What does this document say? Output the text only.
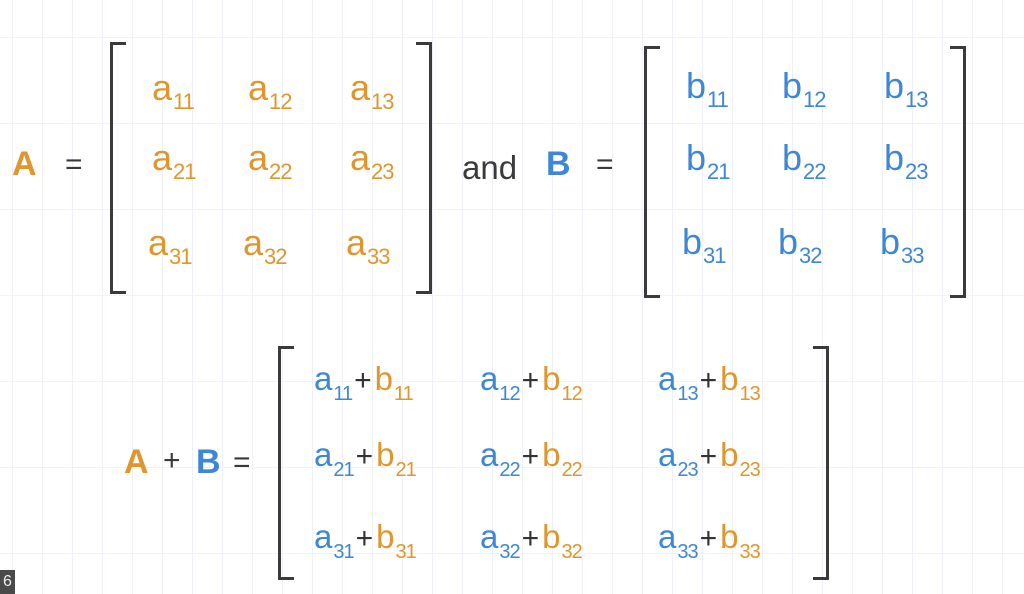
A =
$a_{11}$ $a_{12}$ $a_{13}$
$a_{21}$ $a_{22}$ $a_{23}$
$a_{31}$ $a_{32}$ $a_{33}$
and B =
$b_{11}$ $b_{12}$ $b_{13}$
$b_{21}$ $b_{22}$ $b_{23}$
$b_{31}$ $b_{32}$ $b_{33}$
A + B =
$a_{11}+b_{11}$ $a_{12}+b_{12}$ $a_{13}+b_{13}$
$a_{21}+b_{21}$ $a_{22}+b_{22}$ $a_{23}+b_{23}$
$a_{31}+b_{31}$ $a_{32}+b_{32}$ $a_{33}+b_{33}$
6
